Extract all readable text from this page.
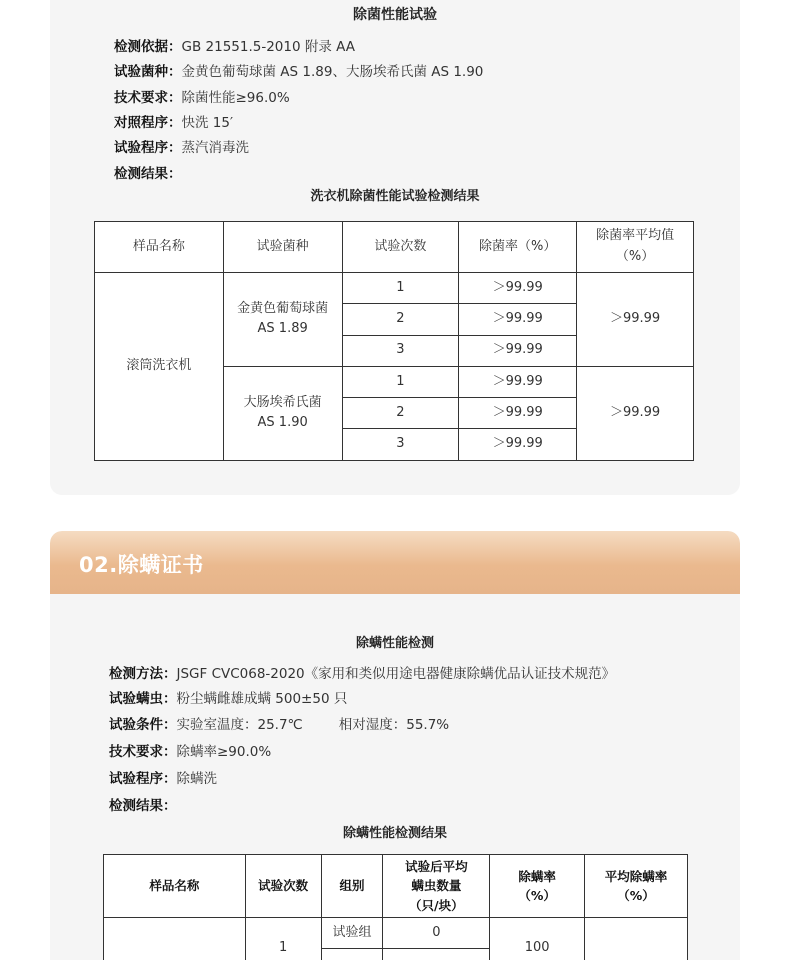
除菌性能试验
检测依据：GB 21551.5-2010 附录 AA
试验菌种：金黄色葡萄球菌 AS 1.89、大肠埃希氏菌 AS 1.90
技术要求：除菌性能≥96.0%
对照程序：快洗 15′
试验程序：蒸汽消毒洗
检测结果：
洗衣机除菌性能试验检测结果
样品名称	试验菌种	试验次数	除菌率（%）	除菌率平均值
（%）
滚筒洗衣机	金黄色葡萄球菌
AS 1.89	1	＞99.99	＞99.99
		2	＞99.99	
		3	＞99.99	
	大肠埃希氏菌
AS 1.90	1	＞99.99	＞99.99
		2	＞99.99	
		3	＞99.99	
02.除螨证书
除螨性能检测
检测方法：JSGF CVC068-2020《家用和类似用途电器健康除螨优品认证技术规范》
试验螨虫：粉尘螨雌雄成螨 500±50 只
试验条件：实验室温度：25.7℃	相对湿度：55.7%
技术要求：除螨率≥90.0%
试验程序：除螨洗
检测结果：
除螨性能检测结果
样品名称	试验次数	组别	试验后平均
螨虫数量
（只/块）	除螨率
（%）	平均除螨率
（%）
	1	试验组	0	100	
